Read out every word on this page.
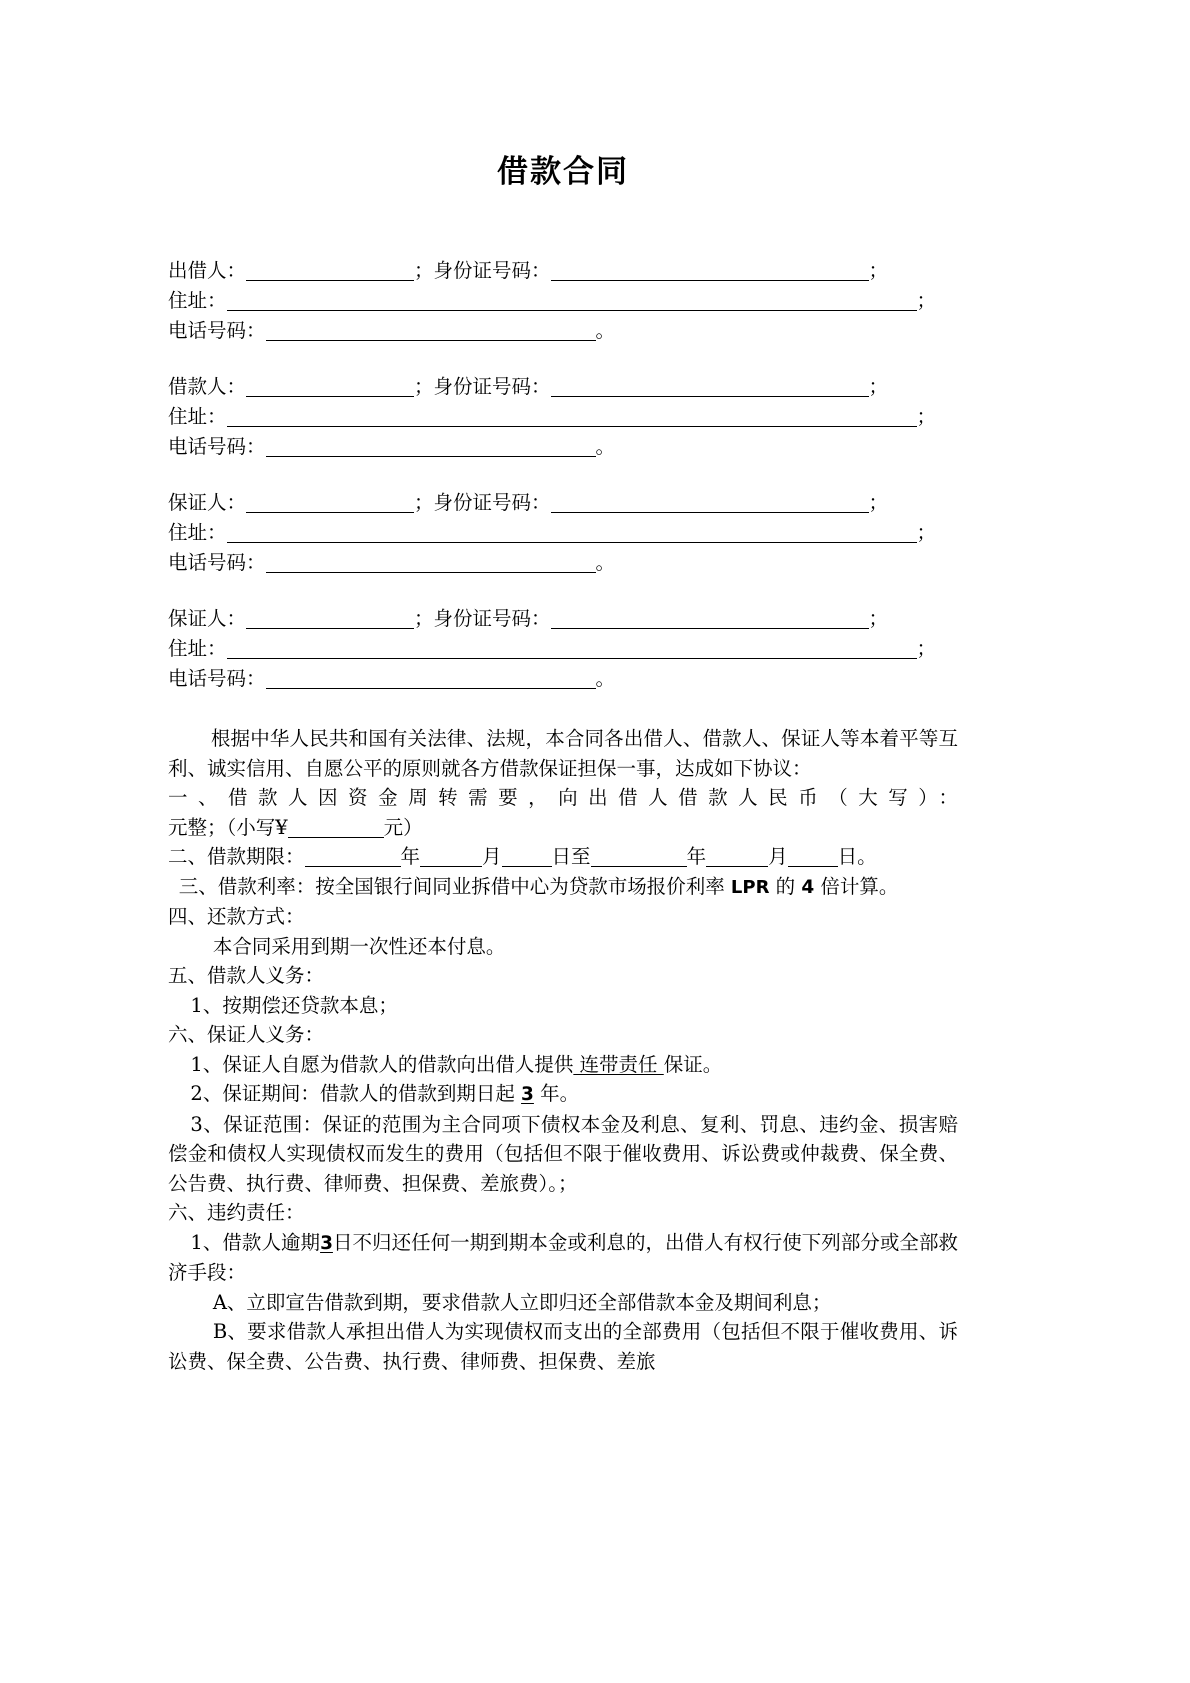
借款合同
出借人：	；身份证号码：	；
住址：	；
电话号码：	。
借款人：	；身份证号码：	；
住址：	；
电话号码：	。
保证人：	；身份证号码：	；
住址：	；
电话号码：	。
保证人：	；身份证号码：	；
住址：	；
电话号码：	。

根据中华人民共和国有关法律、法规，本合同各出借人、借款人、保证人等本着平等互利、诚实信用、自愿公平的原则就各方借款保证担保一事，达成如下协议：

一、借款人因资金周转需要，向出借人借款人民币（大写）：

元整；（小写¥	元）

二、借款期限：	年	月	日至	年	月	日。

三、借款利率：按全国银行间同业拆借中心为贷款市场报价利率 LPR 的 4 倍计算。

四、还款方式：

本合同采用到期一次性还本付息。

五、借款人义务：

1、按期偿还贷款本息；

六、保证人义务：

1、保证人自愿为借款人的借款向出借人提供 连带责任 保证。

2、保证期间：借款人的借款到期日起 3 年。

3、保证范围：保证的范围为主合同项下债权本金及利息、复利、罚息、违约金、损害赔偿金和债权人实现债权而发生的费用（包括但不限于催收费用、诉讼费或仲裁费、保全费、公告费、执行费、律师费、担保费、差旅费）。；

六、违约责任：

1、借款人逾期3日不归还任何一期到期本金或利息的，出借人有权行使下列部分或全部救济手段：

A、立即宣告借款到期，要求借款人立即归还全部借款本金及期间利息；

B、要求借款人承担出借人为实现债权而支出的全部费用（包括但不限于催收费用、诉讼费、保全费、公告费、执行费、律师费、担保费、差旅
